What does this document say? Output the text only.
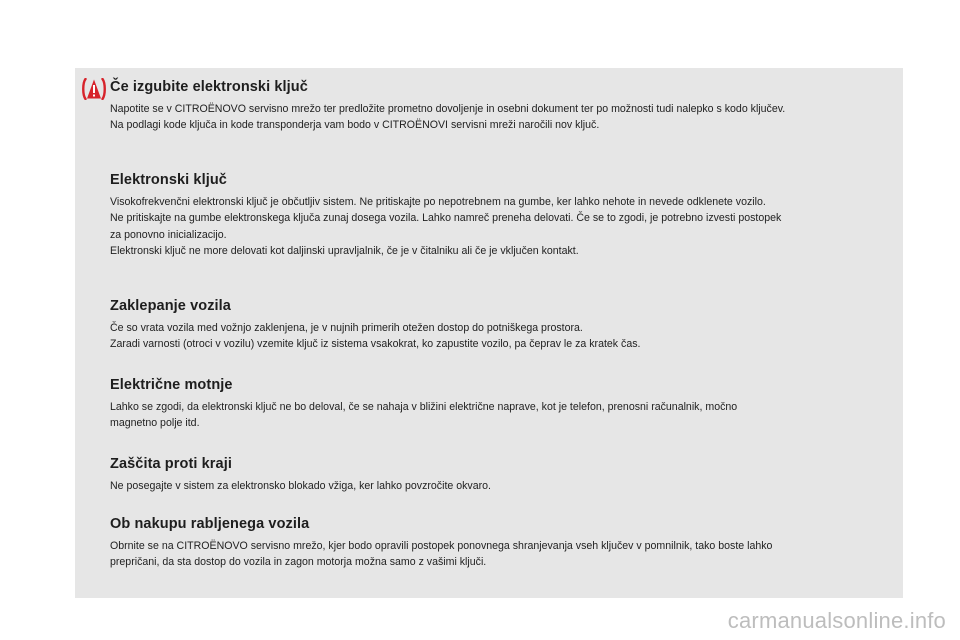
Če izgubite elektronski ključ

Napotite se v CITROËNOVO servisno mrežo ter predložite prometno dovoljenje in osebni dokument ter po možnosti tudi nalepko s kodo ključev.
Na podlagi kode ključa in kode transponderja vam bodo v CITROËNOVI servisni mreži naročili nov ključ.

Elektronski ključ

Visokofrekvenčni elektronski ključ je občutljiv sistem. Ne pritiskajte po nepotrebnem na gumbe, ker lahko nehote in nevede odklenete vozilo.
Ne pritiskajte na gumbe elektronskega ključa zunaj dosega vozila. Lahko namreč preneha delovati. Če se to zgodi, je potrebno izvesti postopek
za ponovno inicializacijo.
Elektronski ključ ne more delovati kot daljinski upravljalnik, če je v čitalniku ali če je vključen kontakt.

Zaklepanje vozila

Če so vrata vozila med vožnjo zaklenjena, je v nujnih primerih otežen dostop do potniškega prostora.
Zaradi varnosti (otroci v vozilu) vzemite ključ iz sistema vsakokrat, ko zapustite vozilo, pa čeprav le za kratek čas.

Električne motnje

Lahko se zgodi, da elektronski ključ ne bo deloval, če se nahaja v bližini električne naprave, kot je telefon, prenosni računalnik, močno
magnetno polje itd.

Zaščita proti kraji

Ne posegajte v sistem za elektronsko blokado vžiga, ker lahko povzročite okvaro.

Ob nakupu rabljenega vozila

Obrnite se na CITROËNOVO servisno mrežo, kjer bodo opravili postopek ponovnega shranjevanja vseh ključev v pomnilnik, tako boste lahko
prepričani, da sta dostop do vozila in zagon motorja možna samo z vašimi ključi.

carmanualsonline.info
